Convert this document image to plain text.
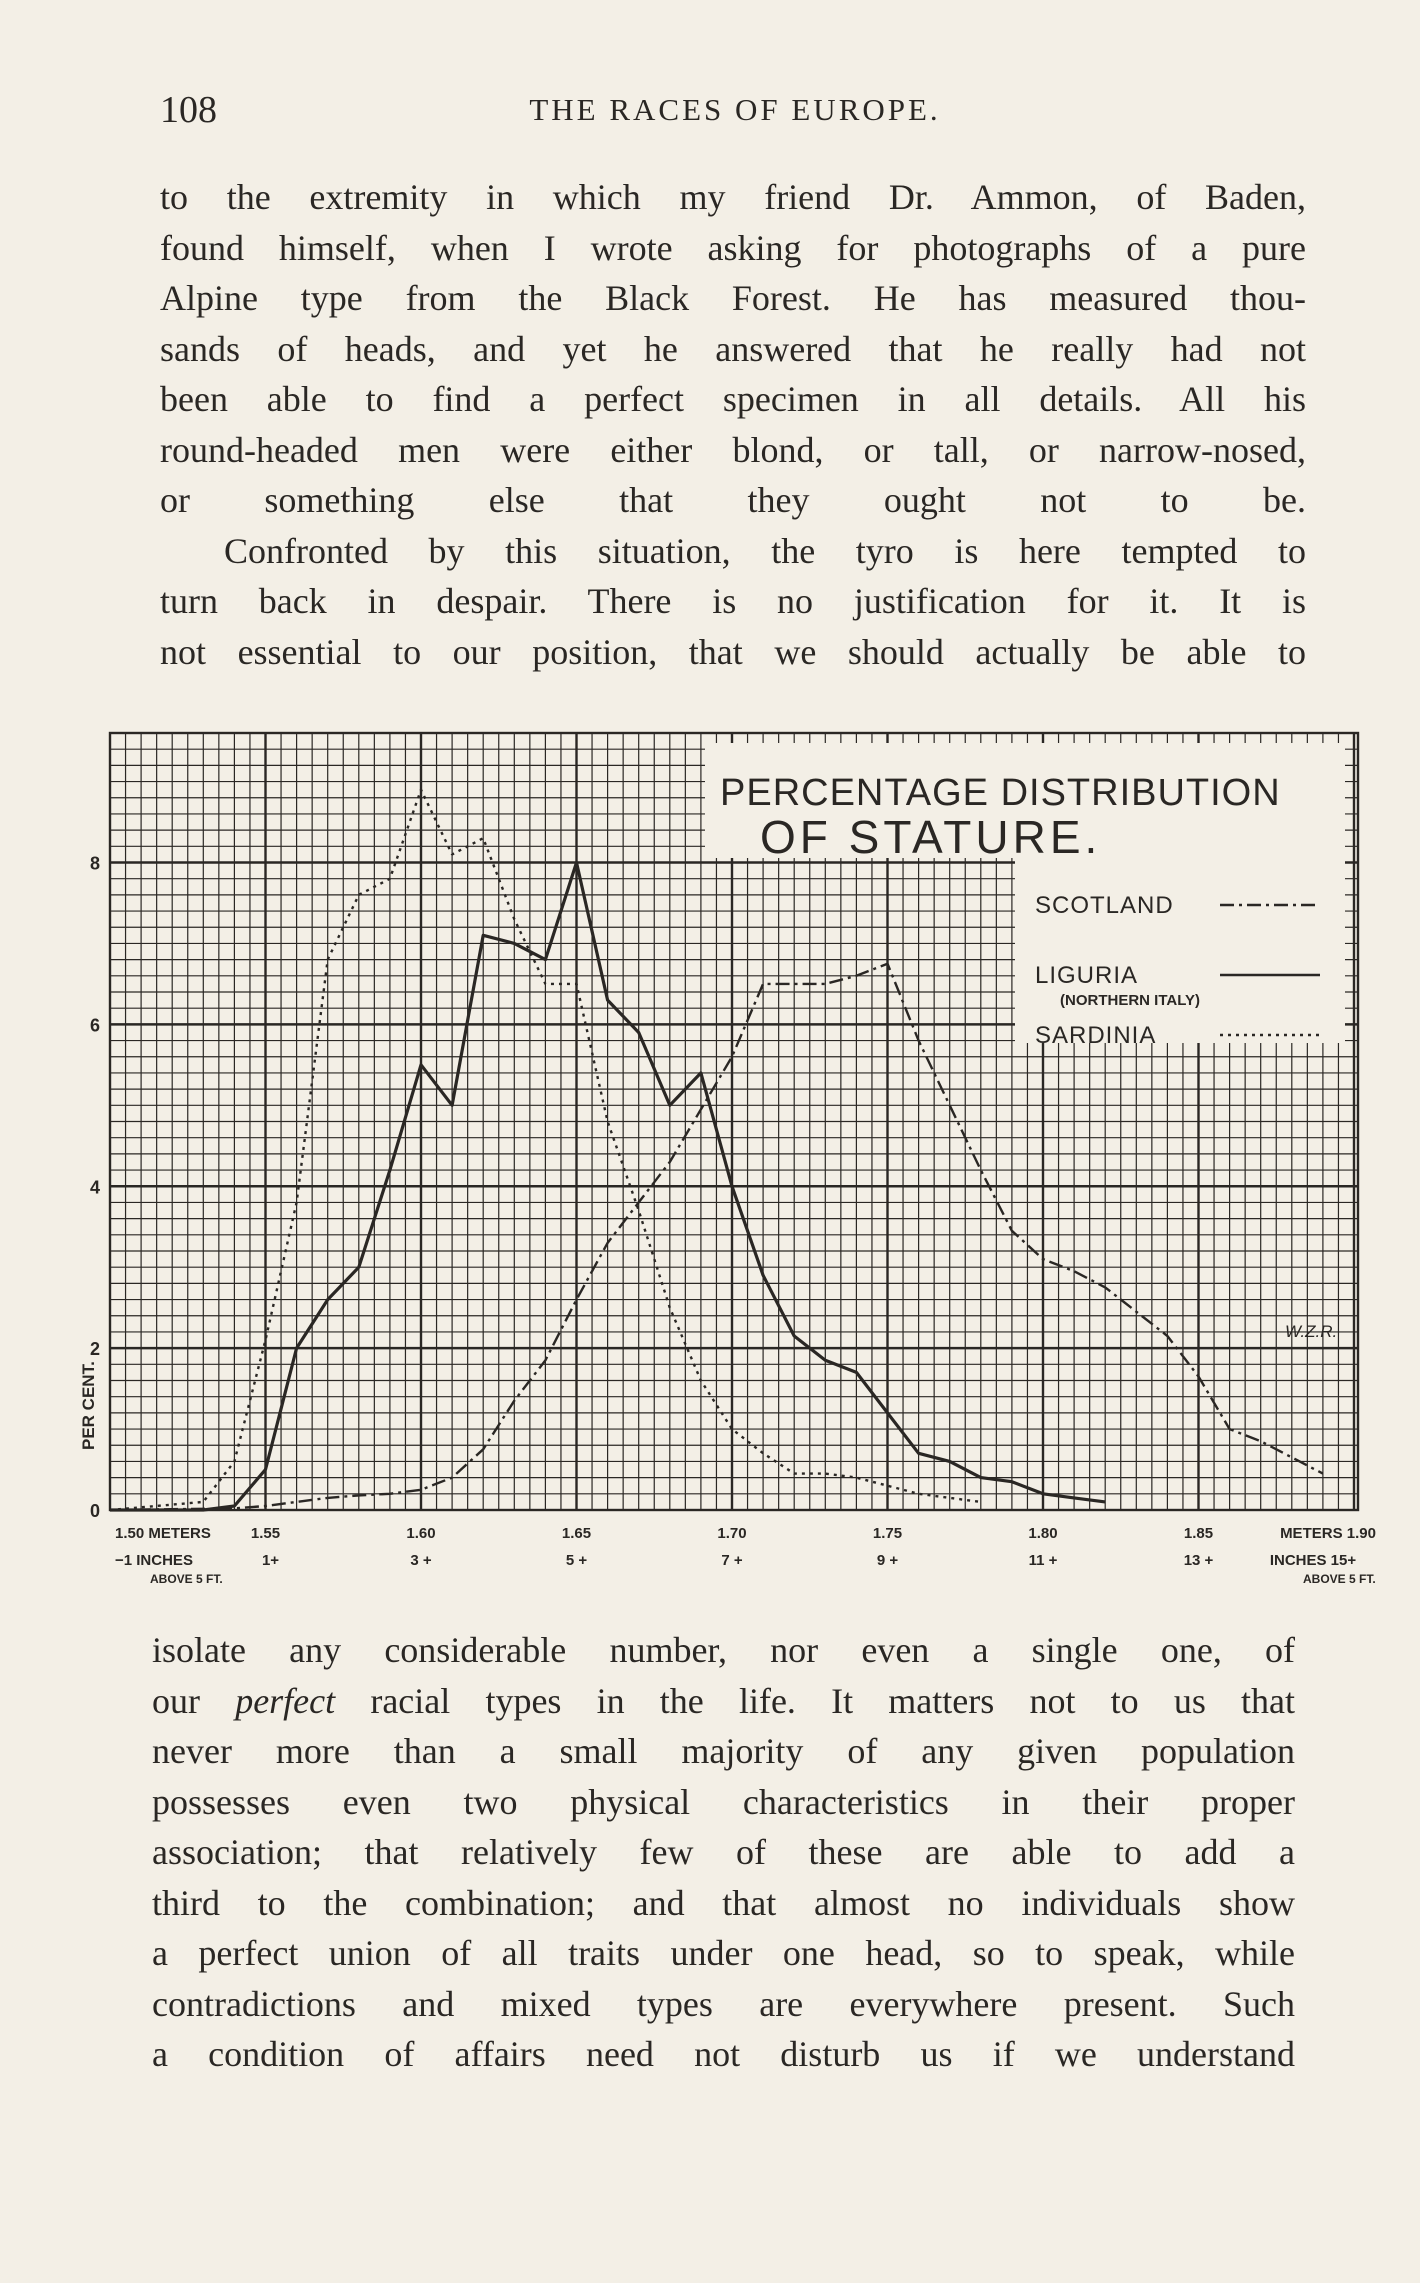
108	THE RACES OF EUROPE.
to the extremity in which my friend Dr. Ammon, of Baden,
found himself, when I wrote asking for photographs of a pure
Alpine type from the Black Forest. He has measured thou-
sands of heads, and yet he answered that he really had not
been able to find a perfect specimen in all details. All his
round-headed men were either blond, or tall, or narrow-nosed,
or something else that they ought not to be.
Confronted by this situation, the tyro is here tempted to
turn back in despair. There is no justification for it. It is
not essential to our position, that we should actually be able to
PERCENTAGE DISTRIBUTION
OF STATURE.
SCOTLAND
LIGURIA
(NORTHERN ITALY)
SARDINIA
0
2
4
6
8
PER CENT.
1.50 METERS	1.55	1.60	1.65	1.70	1.75	1.80	1.85	METERS 1.90
−1 INCHES	1+	3 +	5 +	7 +	9 +	11 +	13 +	INCHES 15+
ABOVE 5 FT.	ABOVE 5 FT.
W.Z.R.
isolate any considerable number, nor even a single one, of
our perfect racial types in the life. It matters not to us that
never more than a small majority of any given population
possesses even two physical characteristics in their proper
association; that relatively few of these are able to add a
third to the combination; and that almost no individuals show
a perfect union of all traits under one head, so to speak, while
contradictions and mixed types are everywhere present. Such
a condition of affairs need not disturb us if we understand
